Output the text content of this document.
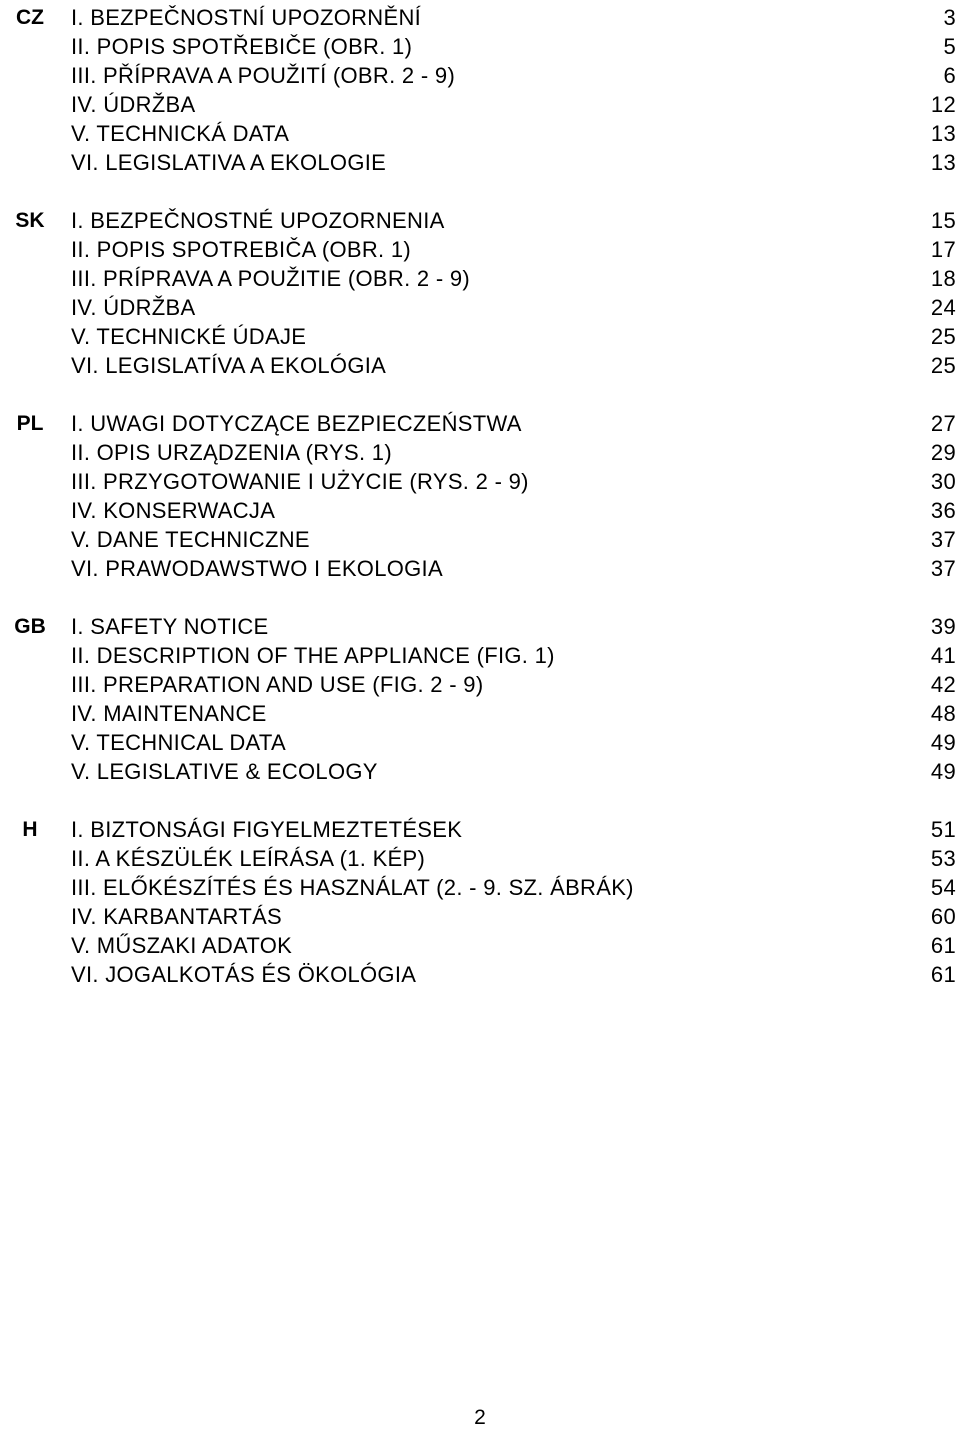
CZ	I. BEZPEČNOSTNÍ UPOZORNĚNÍ	3
II. POPIS SPOTŘEBIČE (OBR. 1)	5
III. PŘÍPRAVA A POUŽITÍ (OBR. 2 - 9)	6
IV. ÚDRŽBA	12
V. TECHNICKÁ DATA	13
VI. LEGISLATIVA A EKOLOGIE	13
SK	I. BEZPEČNOSTNÉ UPOZORNENIA	15
II. POPIS SPOTREBIČA (OBR. 1)	17
III. PRÍPRAVA A POUŽITIE (OBR. 2 - 9)	18
IV. ÚDRŽBA	24
V. TECHNICKÉ ÚDAJE	25
VI. LEGISLATÍVA A EKOLÓGIA	25
PL	I. UWAGI DOTYCZĄCE BEZPIECZEŃSTWA	27
II. OPIS URZĄDZENIA (RYS. 1)	29
III. PRZYGOTOWANIE I UŻYCIE (RYS. 2 - 9)	30
IV. KONSERWACJA	36
V. DANE TECHNICZNE	37
VI. PRAWODAWSTWO I EKOLOGIA	37
GB I. SAFETY NOTICE	39
II. DESCRIPTION OF THE APPLIANCE (FIG. 1)	41
III. PREPARATION AND USE (FIG. 2 - 9)	42
IV. MAINTENANCE	48
V. TECHNICAL DATA	49
V. LEGISLATIVE & ECOLOGY	49
H	I. BIZTONSÁGI FIGYELMEZTETÉSEK	51
II. A KÉSZÜLÉK LEÍRÁSA (1. KÉP)	53
III. ELŐKÉSZÍTÉS ÉS HASZNÁLAT (2. - 9. SZ. ÁBRÁK)	54
IV. KARBANTARTÁS	60
V. MŰSZAKI ADATOK	61
VI. JOGALKOTÁS ÉS ÖKOLÓGIA	61
2
